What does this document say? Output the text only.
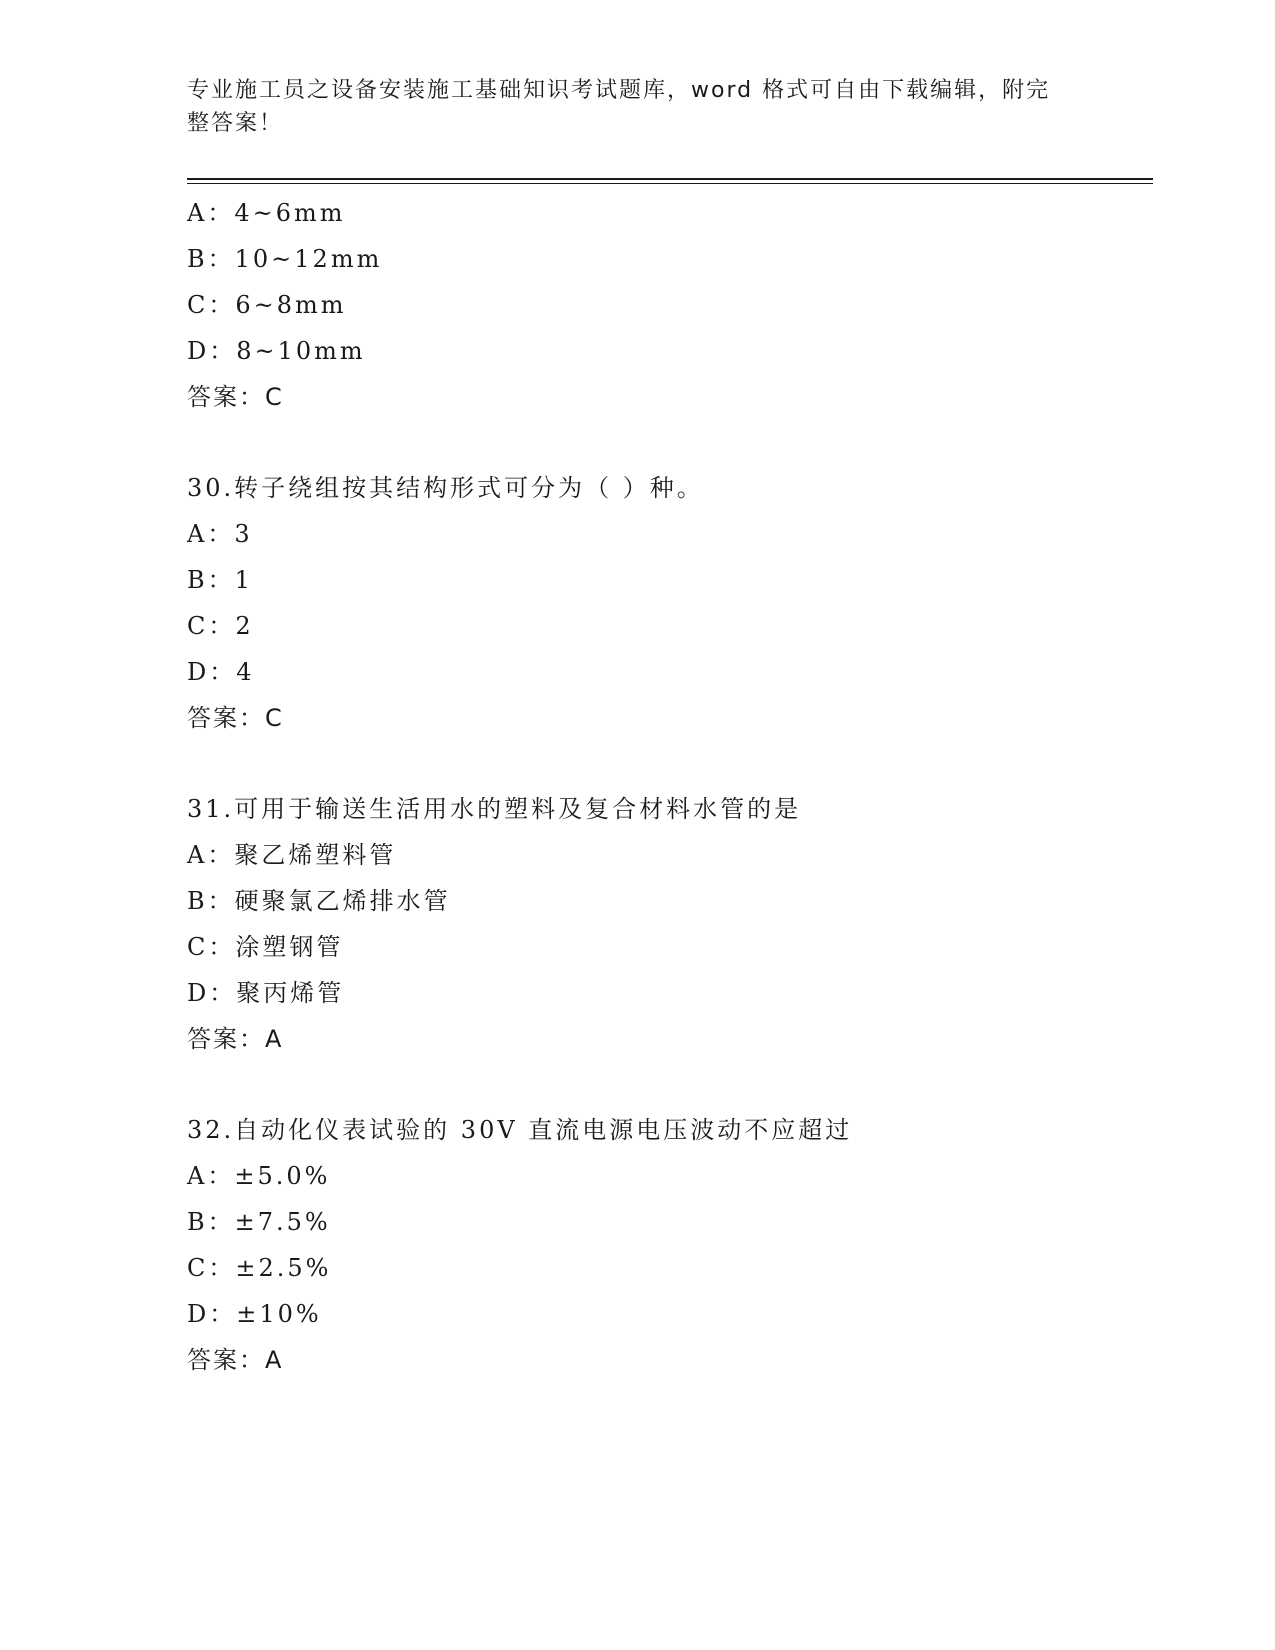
专业施工员之设备安装施工基础知识考试题库，word 格式可自由下载编辑，附完整答案！
A：4~6mm
B：10~12mm
C：6~8mm
D：8~10mm
答案：C
30.转子绕组按其结构形式可分为（ ）种。
A：3
B：1
C：2
D：4
答案：C
31.可用于输送生活用水的塑料及复合材料水管的是
A：聚乙烯塑料管
B：硬聚氯乙烯排水管
C：涂塑钢管
D：聚丙烯管
答案：A
32.自动化仪表试验的 30V 直流电源电压波动不应超过
A：±5.0%
B：±7.5%
C：±2.5%
D：±10%
答案：A
